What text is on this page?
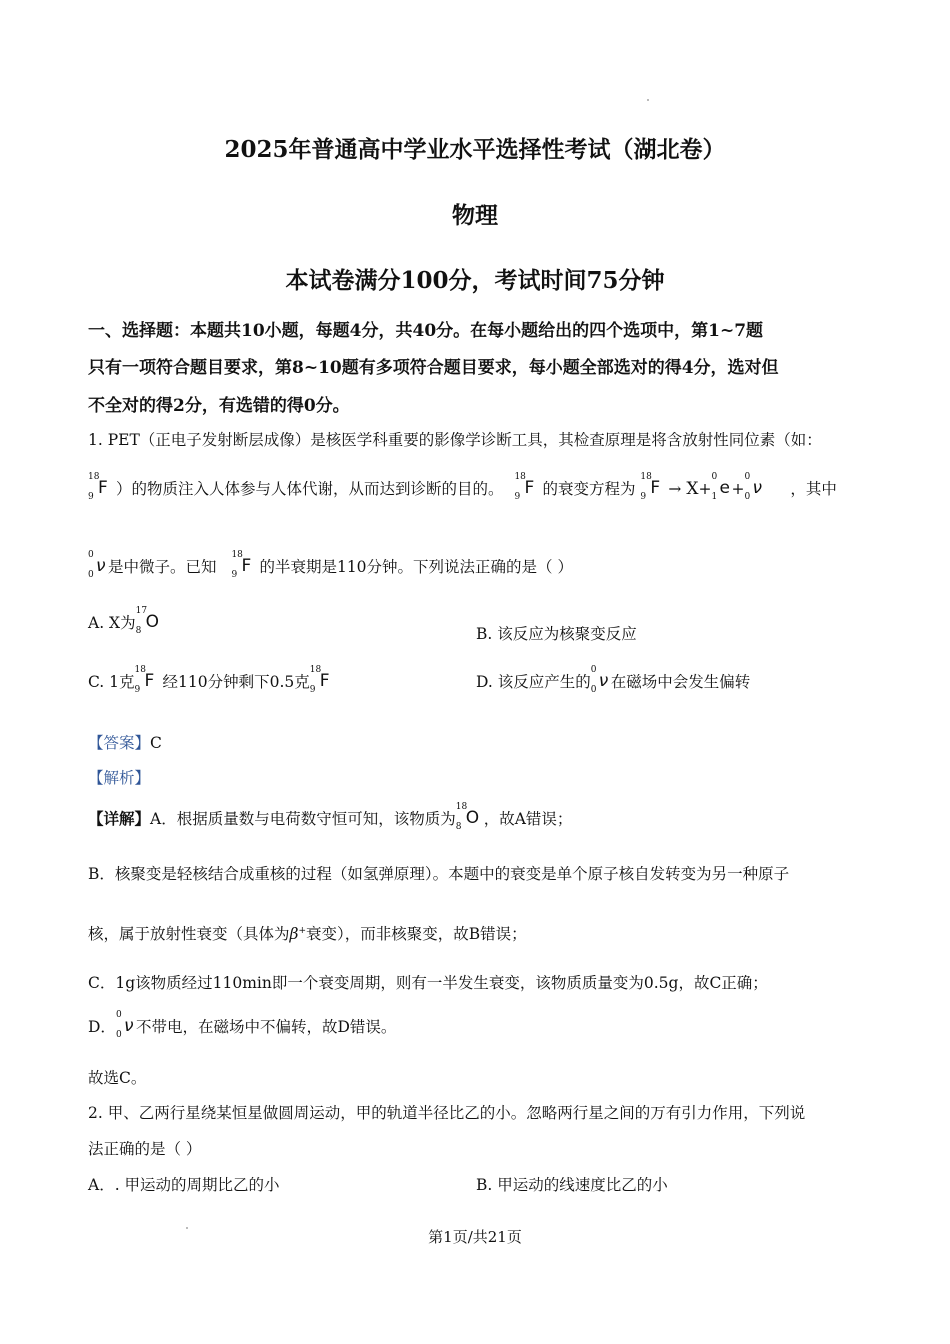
2025年普通高中学业水平选择性考试（湖北卷）
物理
本试卷满分100分，考试时间75分钟
一、选择题：本题共10小题，每题4分，共40分。在每小题给出的四个选项中，第1~7题
只有一项符合题目要求，第8~10题有多项符合题目要求，每小题全部选对的得4分，选对但
不全对的得2分，有选错的得0分。
1. PET（正电子发射断层成像）是核医学科重要的影像学诊断工具，其检查原理是将含放射性同位素（如：
18
9 F ）的物质注入人体参与人体代谢，从而达到诊断的目的。
18
9 F 的衰变方程为
18
9 F → X+
0
1 e +
0
0 ν ，其中
0
0 ν 是中微子。已知
18
9 F 的半衰期是110分钟。下列说法正确的是（ ）
A. X为
17
8 O
B. 该反应为核聚变反应
C. 1克
18
9 F 经110分钟剩下0.5克
18
9 F	D. 该反应产生的
0
0 ν 在磁场中会发生偏转
【答案】C
【解析】
【详解】A．根据质量数与电荷数守恒可知，该物质为
18
8 O ，故A错误；
B．核聚变是轻核结合成重核的过程（如氢弹原理）。本题中的衰变是单个原子核自发转变为另一种原子
核，属于放射性衰变（具体为β+衰变），而非核聚变，故B错误；
C．1g该物质经过110min即一个衰变周期，则有一半发生衰变，该物质质量变为0.5g，故C正确；
D．
0
0 ν 不带电，在磁场中不偏转，故D错误。
故选C。
2. 甲、乙两行星绕某恒星做圆周运动，甲的轨道半径比乙的小。忽略两行星之间的万有引力作用，下列说
法正确的是（ ）
A．. 甲运动的周期比乙的小	B. 甲运动的线速度比乙的小
第1页/共21页
